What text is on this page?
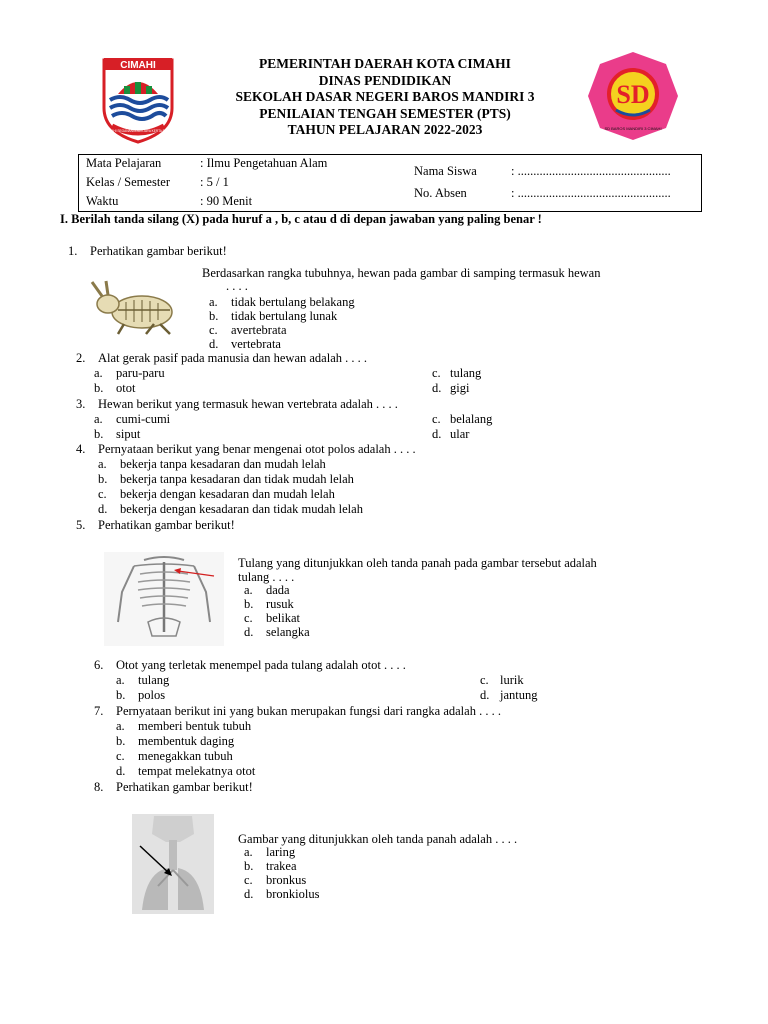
CIMAHI
CIMAHI SEGANANGGUN JAYA KERTA BAYA
SD
SD BAROS MANDIRI 3 CIMAHI
PEMERINTAH DAERAH KOTA CIMAHI
DINAS PENDIDIKAN
SEKOLAH DASAR NEGERI BAROS MANDIRI 3
PENILAIAN TENGAH SEMESTER (PTS)
TAHUN PELAJARAN 2022-2023
Mata Pelajaran	: Ilmu Pengetahuan Alam
Kelas / Semester : 5 / 1
Waktu	: 90 Menit
Nama Siswa	: .................................................
No. Absen	: .................................................
I. Berilah tanda silang (X) pada huruf a , b, c atau d di depan jawaban yang paling benar !
1. Perhatikan gambar berikut!
Berdasarkan rangka tubuhnya, hewan pada gambar di samping termasuk hewan
. . . .
2. Alat gerak pasif pada manusia dan hewan adalah . . . .
3. Hewan berikut yang termasuk hewan vertebrata adalah . . . .
4. Pernyataan berikut yang benar mengenai otot polos adalah . . . .
5. Perhatikan gambar berikut!
Tulang yang ditunjukkan oleh tanda panah pada gambar tersebut adalah
tulang . . . .
6. Otot yang terletak menempel pada tulang adalah otot . . . .
7. Pernyataan berikut ini yang bukan merupakan fungsi dari rangka adalah . . . .
8. Perhatikan gambar berikut!
Gambar yang ditunjukkan oleh tanda panah adalah . . . .
a. tidak bertulang belakang
b. tidak bertulang lunak
c. avertebrata
d. vertebrata
a. paru-paru
b. otot
c. tulang
d. gigi
a. cumi-cumi
b. siput
c. belalang
d. ular
a. bekerja tanpa kesadaran dan mudah lelah
b. bekerja tanpa kesadaran dan tidak mudah lelah
c. bekerja dengan kesadaran dan mudah lelah
d. bekerja dengan kesadaran dan tidak mudah lelah
a. dada
b. rusuk
c. belikat
d. selangka
a. tulang
b. polos
c. lurik
d. jantung
a. memberi bentuk tubuh
b. membentuk daging
c. menegakkan tubuh
d. tempat melekatnya otot
a. laring
b. trakea
c. bronkus
d. bronkiolus
